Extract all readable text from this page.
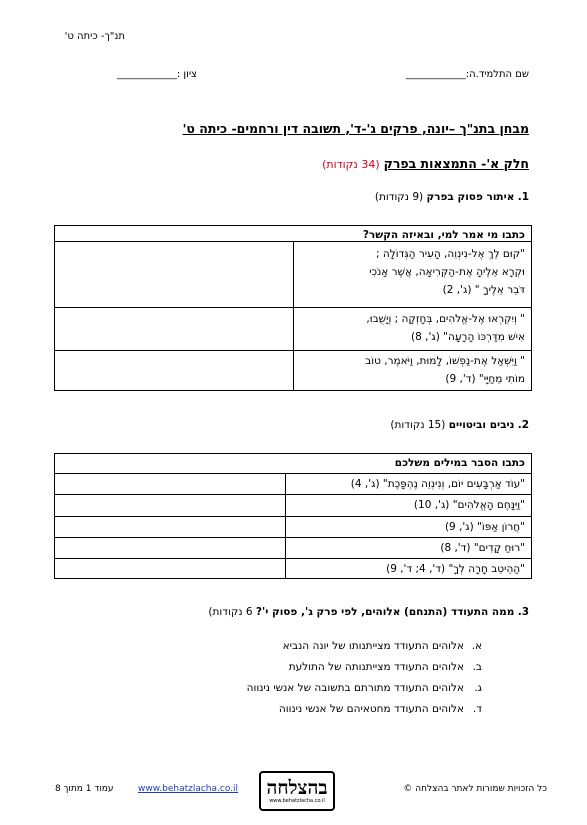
תנ"ך- כיתה ט'
שם התלמיד.ה:____________
ציון :____________
מבחן בתנ"ך –יונה, פרקים ג'-ד', תשובה דין ורחמים- כיתה ט'
חלק א'- התמצאות בפרק (34 נקודות)
1. איתור פסוק בפרק (9 נקודות)
כתבו מי אמר למי, ובאיזה הקשר?
"קוּם לֵךְ אֶל-נִינְוֵה, הָעִיר הַגְּדוֹלָה ;
וּקְרָא אֵלֶיהָ אֶת-הַקְּרִיאָה, אֲשֶׁר אָנֹכִי
דֹּבֵר אֵלֶיךָ " (ג', 2)
" וְיִקְרְאוּ אֶל-אֱלֹהִים, בְּחָזְקָה ; וְיָשֻׁבוּ,
אִישׁ מִדַּרְכּוֹ הָרָעָה" (ג', 8)
" וַיִּשְׁאַל אֶת-נַפְשׁוֹ, לָמוּת, וַיֹּאמֶר, טוֹב
מוֹתִי מֵחַיָּי" (ד', 9)
2. ניבים וביטויים (15 נקודות)
כתבו הסבר במילים משלכם
"עוֹד אַרְבָּעִים יוֹם, וְנִינְוֵה נֶהְפָּכֶת" (ג', 4)
"וַיִּנָּחֶם הָאֱלֹהִים" (ג', 10)
"חֲרוֹן אַפּוֹ" (ג', 9)
"רוּחַ קָדִים" (ד', 8)
"הַהֵיטֵב חָרָה לְךָ" (ד', 4; ד', 9)
3. ממה התעודד (התנחם) אלוהים, לפי פרק ג', פסוק י'? 6 נקודות)
א.אלוהים התעודד מצייתנותו של יונה הנביא
ב.אלוהים התעודד מצייתנותה של התולעת
ג.אלוהים התעודד מתורתם בתשובה של אנשי נינווה
ד.אלוהים התעודד מחטאיהם של אנשי נינווה
כל הזכויות שמורות לאתר בהצלחה ©
בהצלחה
www.behatzlacha.co.il
www.behatzlacha.co.il
עמוד 1 מתוך 8
